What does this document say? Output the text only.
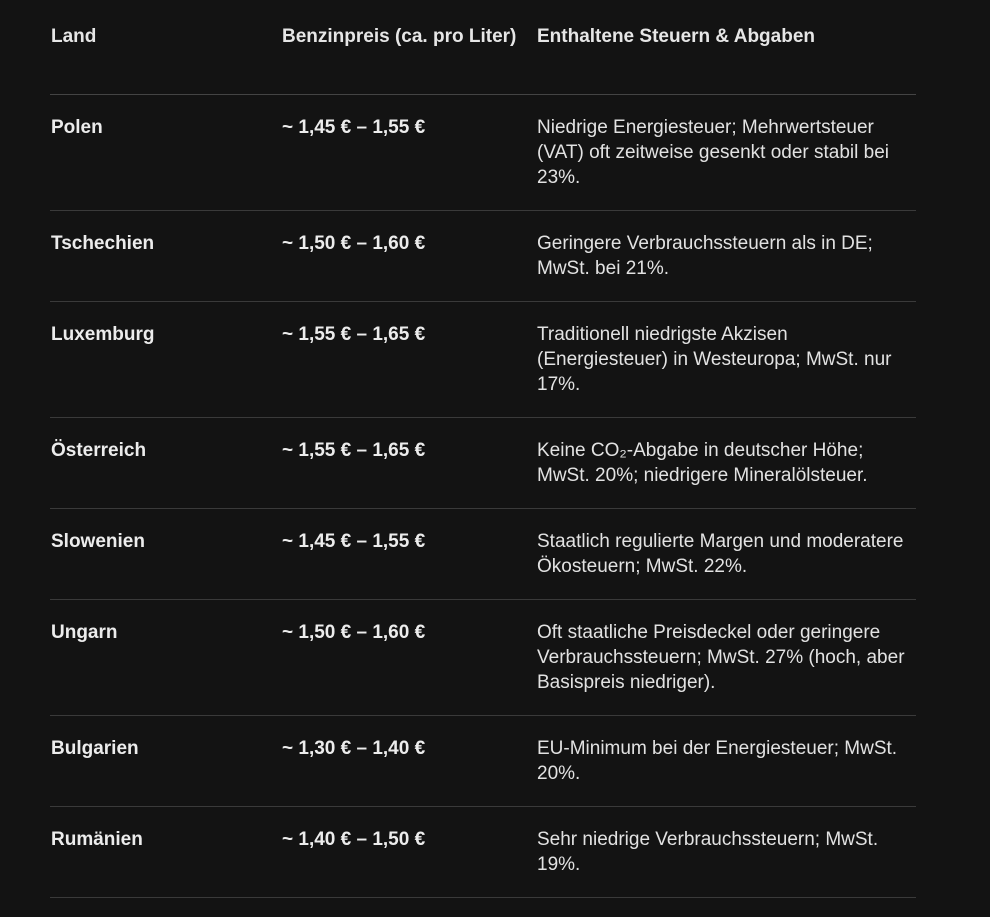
Land	Benzinpreis (ca. pro Liter)	Enthaltene Steuern & Abgaben
Polen	~ 1,45 € – 1,55 €	Niedrige Energiesteuer; Mehrwertsteuer (VAT) oft zeitweise gesenkt oder stabil bei 23%.
Tschechien	~ 1,50 € – 1,60 €	Geringere Verbrauchssteuern als in DE; MwSt. bei 21%.
Luxemburg	~ 1,55 € – 1,65 €	Traditionell niedrigste Akzisen (Energiesteuer) in Westeuropa; MwSt. nur 17%.
Österreich	~ 1,55 € – 1,65 €	Keine CO₂-Abgabe in deutscher Höhe; MwSt. 20%; niedrigere Mineralölsteuer.
Slowenien	~ 1,45 € – 1,55 €	Staatlich regulierte Margen und moderatere Ökosteuern; MwSt. 22%.
Ungarn	~ 1,50 € – 1,60 €	Oft staatliche Preisdeckel oder geringere Verbrauchssteuern; MwSt. 27% (hoch, aber Basispreis niedriger).
Bulgarien	~ 1,30 € – 1,40 €	EU-Minimum bei der Energiesteuer; MwSt. 20%.
Rumänien	~ 1,40 € – 1,50 €	Sehr niedrige Verbrauchssteuern; MwSt. 19%.
